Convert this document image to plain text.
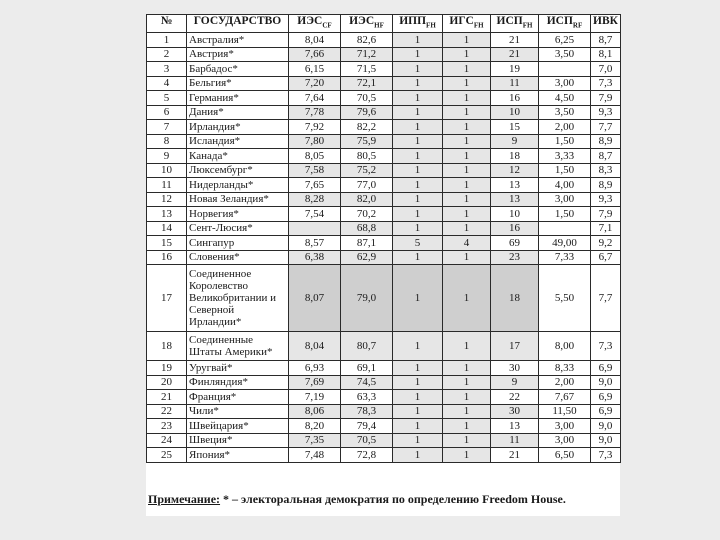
№	ГОСУДАРСТВО	$ИЭС_{CF}$	$ИЭС_{HF}$	$ИПП_{FH}$	$ИГС_{FH}$	$ИСП_{FH}$	$ИСП_{RF}$	ИВК
1	Австралия*	8,04	82,6	1	1	21	6,25	8,7
2	Австрия*	7,66	71,2	1	1	21	3,50	8,1
3	Барбадос*	6,15	71,5	1	1	19		7,0
4	Бельгия*	7,20	72,1	1	1	11	3,00	7,3
5	Германия*	7,64	70,5	1	1	16	4,50	7,9
6	Дания*	7,78	79,6	1	1	10	3,50	9,3
7	Ирландия*	7,92	82,2	1	1	15	2,00	7,7
8	Исландия*	7,80	75,9	1	1	9	1,50	8,9
9	Канада*	8,05	80,5	1	1	18	3,33	8,7
10	Люксембург*	7,58	75,2	1	1	12	1,50	8,3
11	Нидерланды*	7,65	77,0	1	1	13	4,00	8,9
12	Новая Зеландия*	8,28	82,0	1	1	13	3,00	9,3
13	Норвегия*	7,54	70,2	1	1	10	1,50	7,9
14	Сент-Люсия*		68,8	1	1	16		7,1
15	Сингапур	8,57	87,1	5	4	69	49,00	9,2
16	Словения*	6,38	62,9	1	1	23	7,33	6,7
17	Соединенное Королевство Великобритании и Северной Ирландии*	8,07	79,0	1	1	18	5,50	7,7
18	Соединенные Штаты Америки*	8,04	80,7	1	1	17	8,00	7,3
19	Уругвай*	6,93	69,1	1	1	30	8,33	6,9
20	Финляндия*	7,69	74,5	1	1	9	2,00	9,0
21	Франция*	7,19	63,3	1	1	22	7,67	6,9
22	Чили*	8,06	78,3	1	1	30	11,50	6,9
23	Швейцария*	8,20	79,4	1	1	13	3,00	9,0
24	Швеция*	7,35	70,5	1	1	11	3,00	9,0
25	Япония*	7,48	72,8	1	1	21	6,50	7,3
Примечание: * – электоральная демократия по определению Freedom House.
